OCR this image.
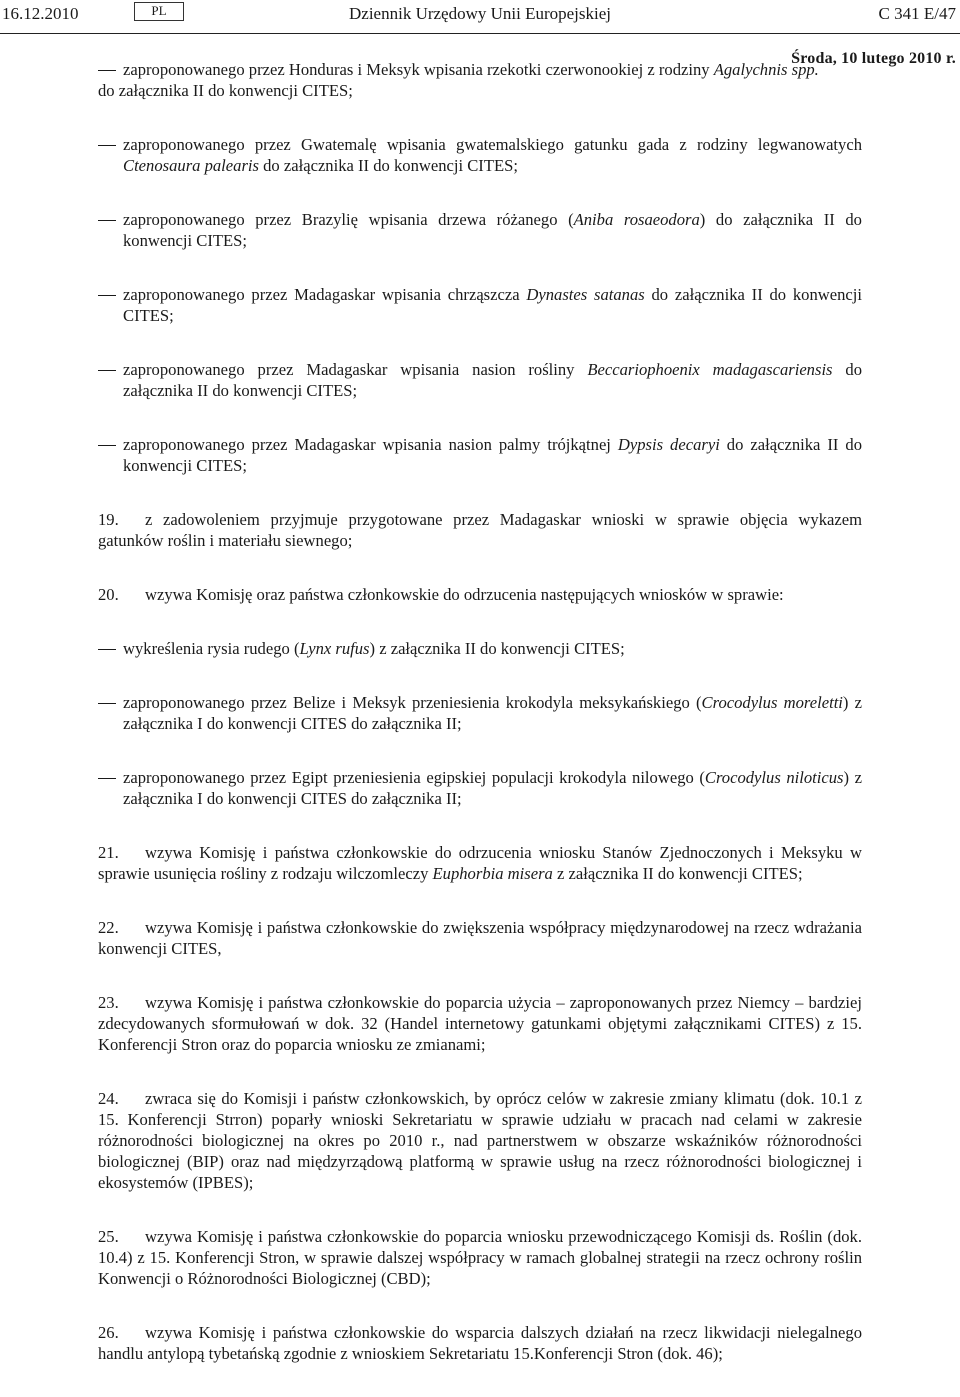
16.12.2010	PL	Dziennik Urzędowy Unii Europejskiej	C 341 E/47
Środa, 10 lutego 2010 r.
zaproponowanego przez Honduras i Meksyk wpisania rzekotki czerwonookiej z rodziny Agalychnis spp.
do załącznika II do konwencji CITES;
zaproponowanego przez Gwatemalę wpisania gwatemalskiego gatunku gada z rodziny legwanowatych Ctenosaura palearis do załącznika II do konwencji CITES;
zaproponowanego przez Brazylię wpisania drzewa różanego (Aniba rosaeodora) do załącznika II do konwencji CITES;
zaproponowanego przez Madagaskar wpisania chrząszcza Dynastes satanas do załącznika II do konwencji CITES;
zaproponowanego przez Madagaskar wpisania nasion rośliny Beccariophoenix madagascariensis do załącznika II do konwencji CITES;
zaproponowanego przez Madagaskar wpisania nasion palmy trójkątnej Dypsis decaryi do załącznika II do konwencji CITES;
19. z zadowoleniem przyjmuje przygotowane przez Madagaskar wnioski w sprawie objęcia wykazem gatunków roślin i materiału siewnego;
20. wzywa Komisję oraz państwa członkowskie do odrzucenia następujących wniosków w sprawie:
wykreślenia rysia rudego (Lynx rufus) z załącznika II do konwencji CITES;
zaproponowanego przez Belize i Meksyk przeniesienia krokodyla meksykańskiego (Crocodylus moreletti) z załącznika I do konwencji CITES do załącznika II;
zaproponowanego przez Egipt przeniesienia egipskiej populacji krokodyla nilowego (Crocodylus niloticus) z załącznika I do konwencji CITES do załącznika II;
21. wzywa Komisję i państwa członkowskie do odrzucenia wniosku Stanów Zjednoczonych i Meksyku w sprawie usunięcia rośliny z rodzaju wilczomleczy Euphorbia misera z załącznika II do konwencji CITES;
22. wzywa Komisję i państwa członkowskie do zwiększenia współpracy międzynarodowej na rzecz wdrażania konwencji CITES,
23. wzywa Komisję i państwa członkowskie do poparcia użycia – zaproponowanych przez Niemcy – bardziej zdecydowanych sformułowań w dok. 32 (Handel internetowy gatunkami objętymi załącznikami CITES) z 15. Konferencji Stron oraz do poparcia wniosku ze zmianami;
24. zwraca się do Komisji i państw członkowskich, by oprócz celów w zakresie zmiany klimatu (dok. 10.1 z 15. Konferencji Strron) poparły wnioski Sekretariatu w sprawie udziału w pracach nad celami w zakresie różnorodności biologicznej na okres po 2010 r., nad partnerstwem w obszarze wskaźników różnorodności biologicznej (BIP) oraz nad międzyrządową platformą w sprawie usług na rzecz różnorodności biologicznej i ekosystemów (IPBES);
25. wzywa Komisję i państwa członkowskie do poparcia wniosku przewodniczącego Komisji ds. Roślin (dok. 10.4) z 15. Konferencji Stron, w sprawie dalszej współpracy w ramach globalnej strategii na rzecz ochrony roślin Konwencji o Różnorodności Biologicznej (CBD);
26. wzywa Komisję i państwa członkowskie do wsparcia dalszych działań na rzecz likwidacji nielegalnego handlu antylopą tybetańską zgodnie z wnioskiem Sekretariatu 15.Konferencji Stron (dok. 46);
